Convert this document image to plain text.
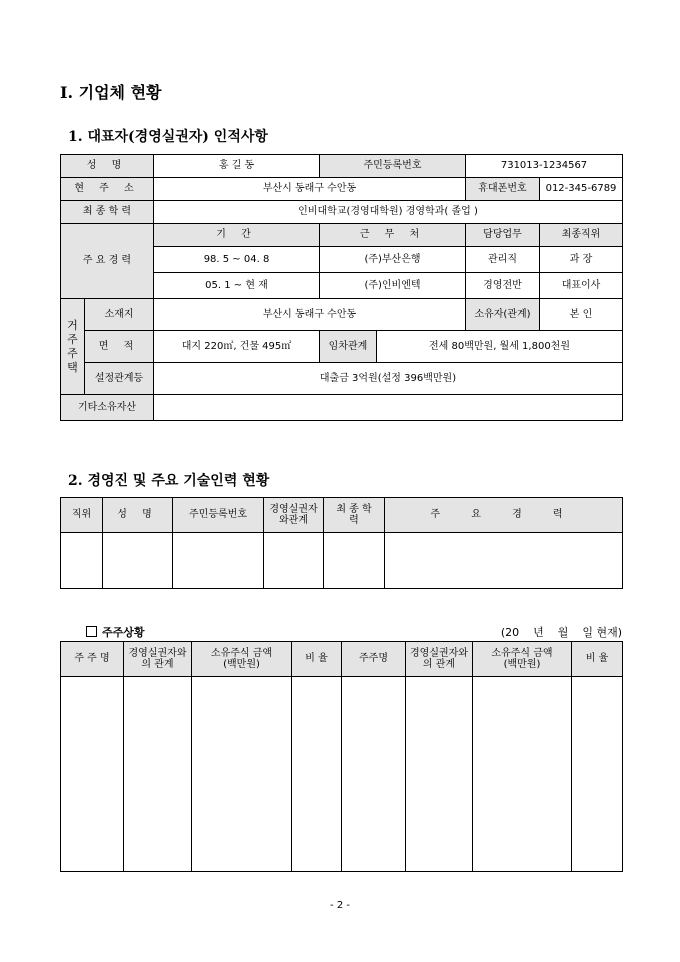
I. 기업체 현황
1. 대표자(경영실권자) 인적사항
성 명		홍 길 동	주민등록번호		731013-1234567	
현 주 소		부산시 동래구 수안동			휴대폰번호	012-345-6789
최 종 학 력		인비대학교(경영대학원) 경영학과( 졸업 )				
주 요 경 력		기 간	근 무 처		담당업무	최종직위
		98. 5 ~ 04. 8	(주)부산은행		관리직	과 장
		05. 1 ~ 현 재	(주)인비엔텍		경영전반	대표이사
거주주택	소재지	부산시 동래구 수안동			소유자(관계)	본 인
	면 적	대지 220㎡, 건물 495㎡	임차관계	전세 80백만원, 월세 1,800천원		
	설정관계등	대출금 3억원(설정 396백만원)				
기타소유자산						
2. 경영진 및 주요 기술인력 현황
직위	성 명	주민등록번호	경영실권자와관계	최 종 학 력	주 요 경 력

주주상황	(20    년    월    일 현재)
주 주 명	경영실권자와의 관계	소유주식 금액(백만원)	비 율	주주명	경영실권자와의 관계	소유주식 금액(백만원)	비 율

- 2 -
